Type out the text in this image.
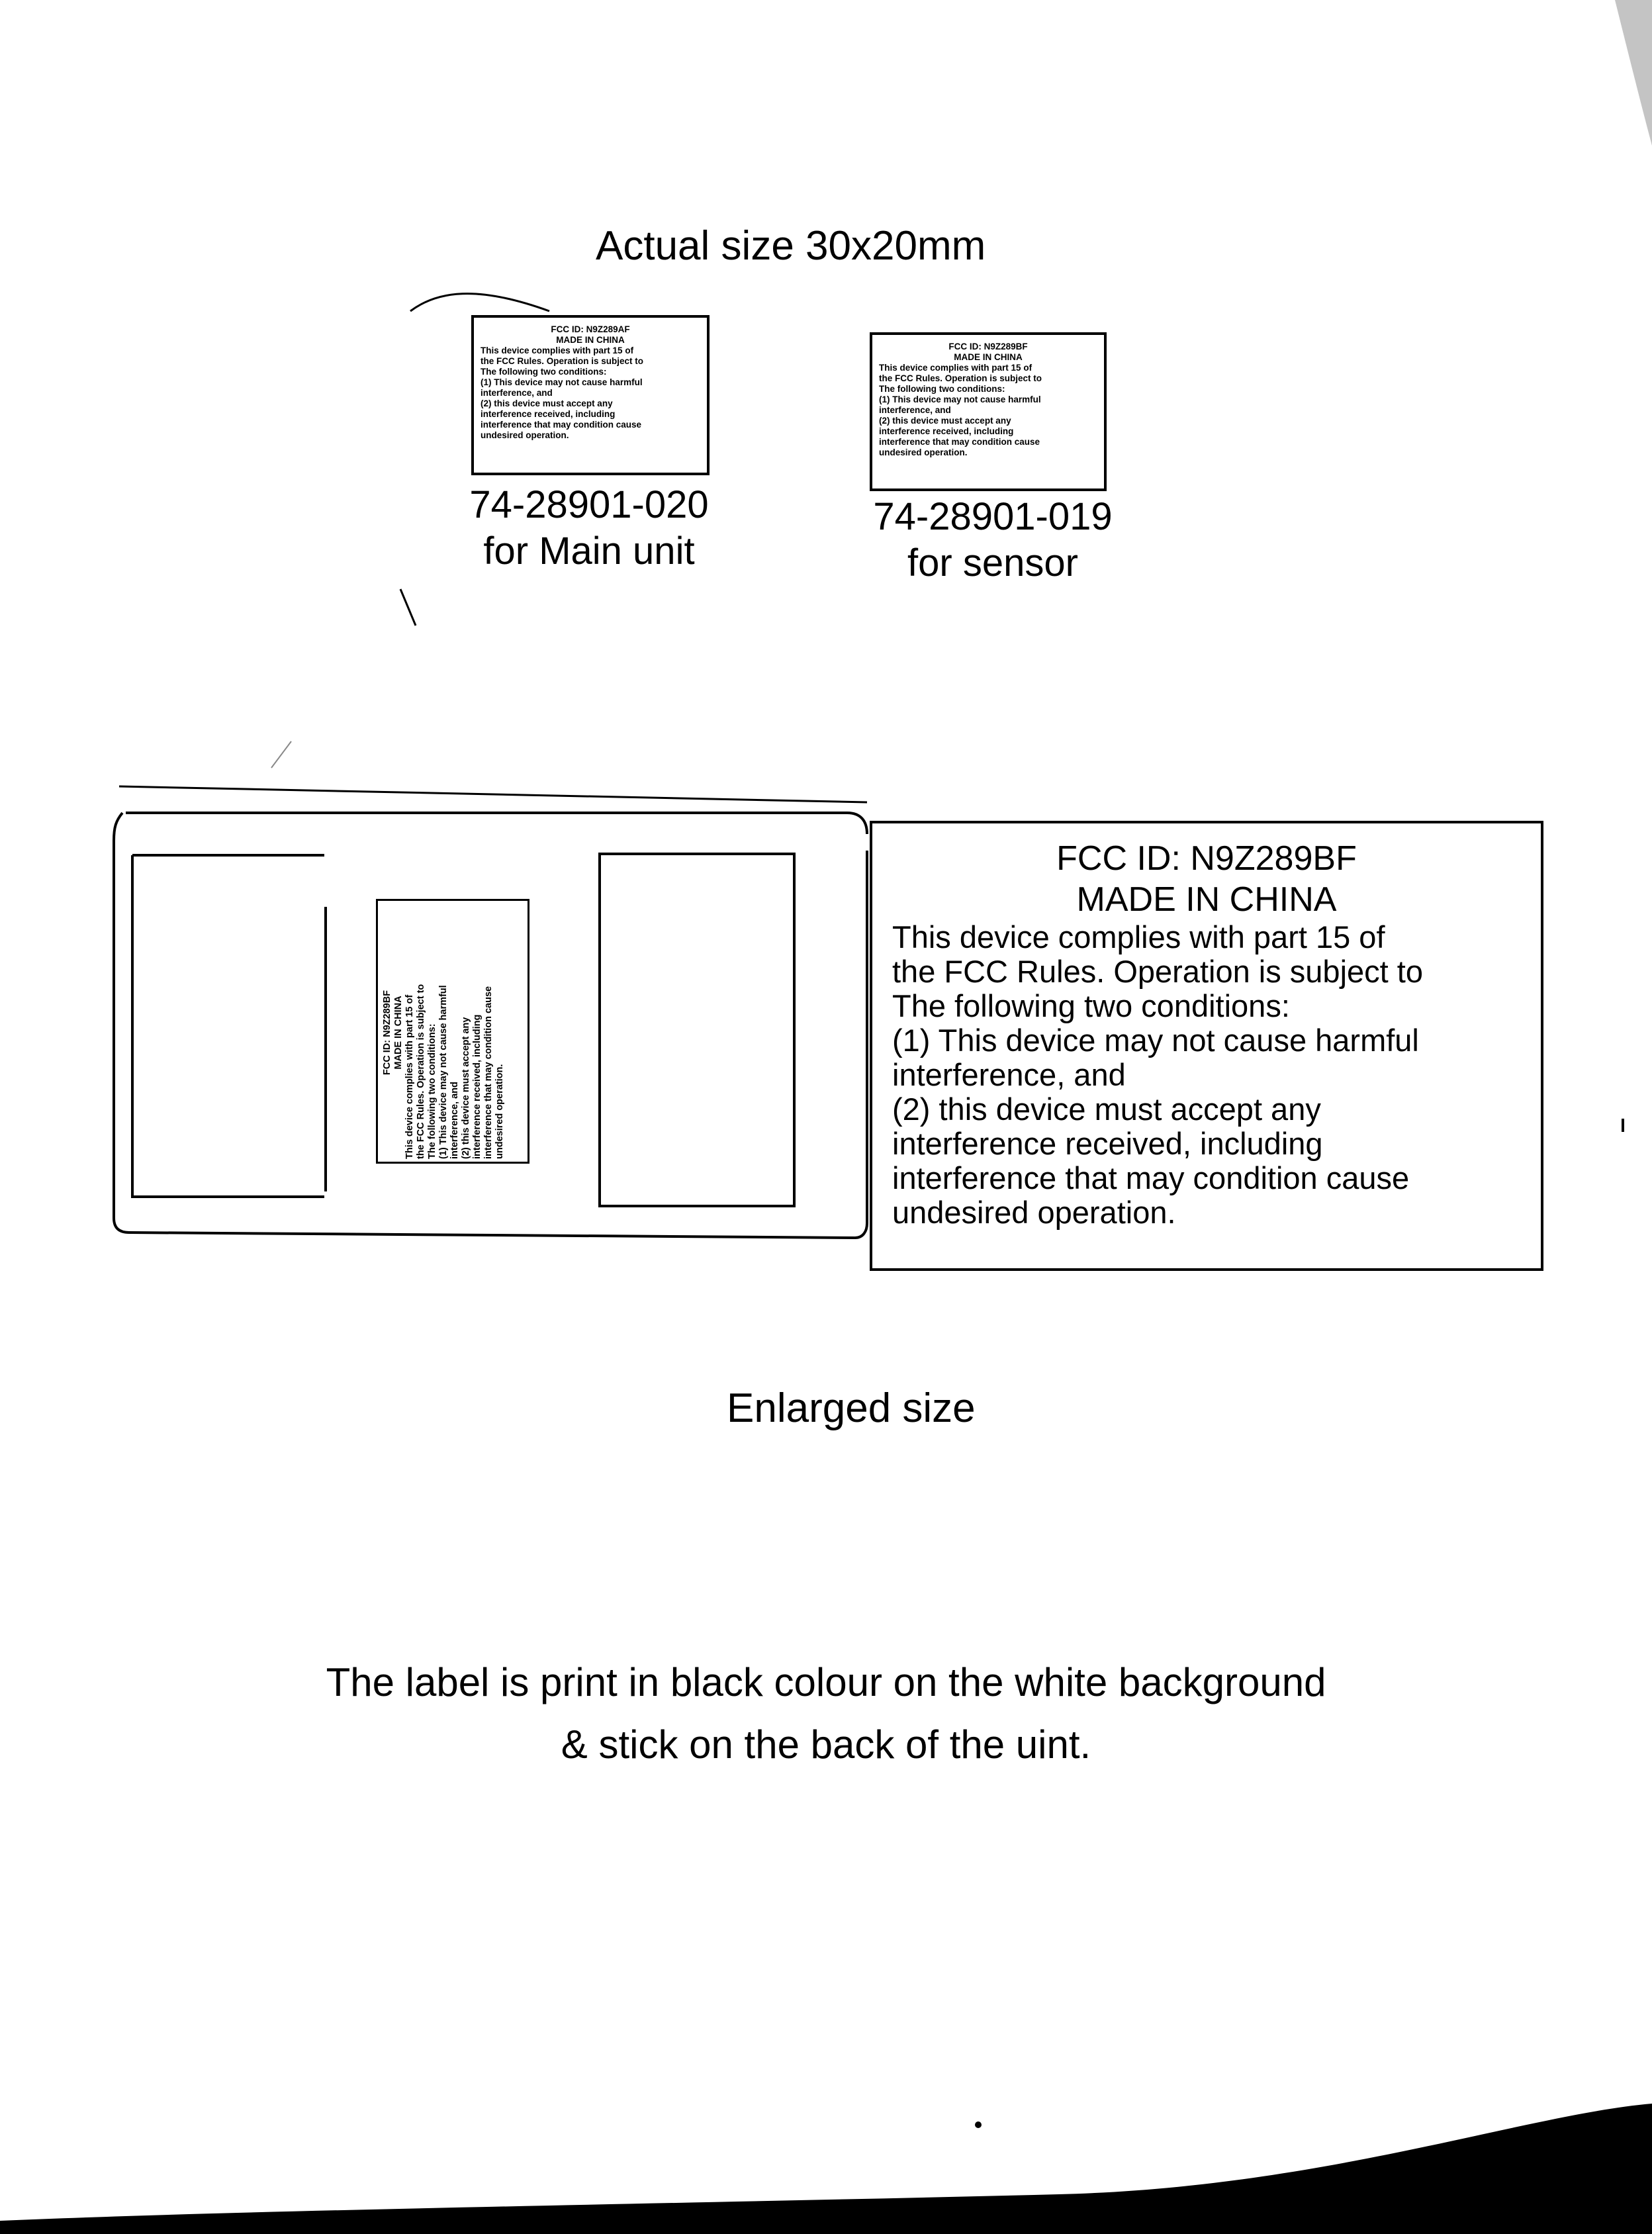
Actual size 30x20mm
FCC ID: N9Z289AF
MADE IN CHINA
This device complies with part 15 of
the FCC Rules. Operation is subject to
The following two conditions:
(1) This device may not cause harmful
interference, and
(2) this device must accept any
interference received, including
interference that may condition cause
undesired operation.
74-28901-020
for Main unit
FCC ID: N9Z289BF
MADE IN CHINA
This device complies with part 15 of
the FCC Rules. Operation is subject to
The following two conditions:
(1) This device may not cause harmful
interference, and
(2) this device must accept any
interference received, including
interference that may condition cause
undesired operation.
74-28901-019
for sensor
FCC ID: N9Z289BF MADE IN CHINA This device complies with part 15 of the FCC Rules. Operation is subject to The following two conditions: (1) This device may not cause harmful interference, and (2) this device must accept any interference received, including interference that may condition cause undesired operation.
FCC ID: N9Z289BF
MADE IN CHINA
This device complies with part 15 of
the FCC Rules. Operation is subject to
The following two conditions:
(1) This device may not cause harmful
interference, and
(2) this device must accept any
interference received, including
interference that may condition cause
undesired operation.
Enlarged size
The label is print in black colour on the white background
& stick on the back of the uint.
